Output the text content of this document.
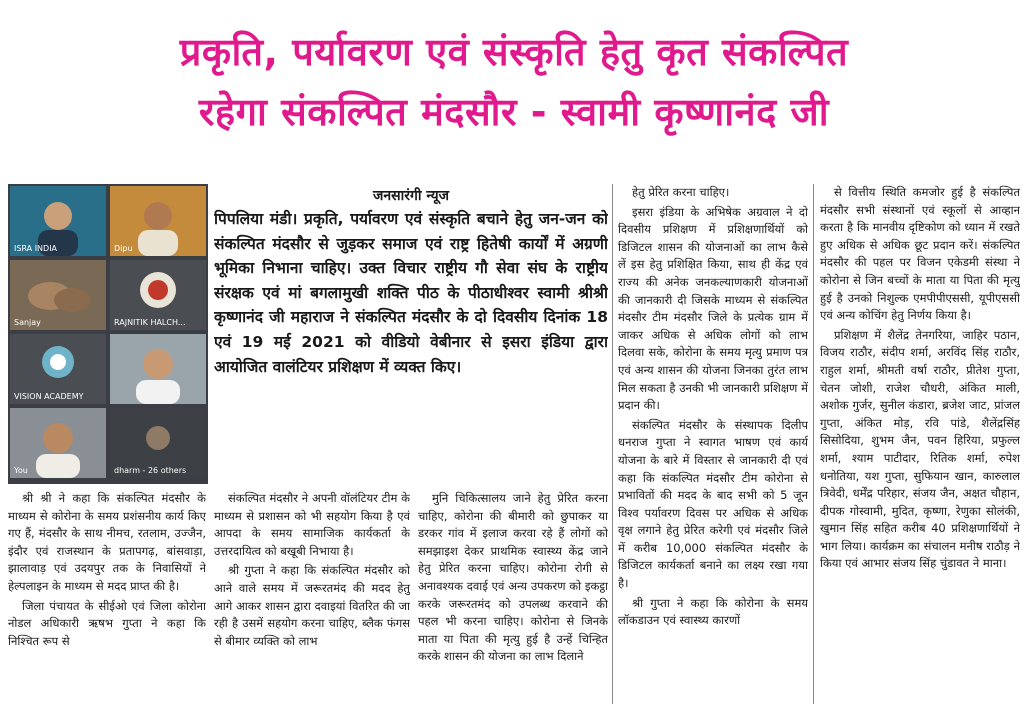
प्रकृति, पर्यावरण एवं संस्कृति हेतु कृत संकल्पित
रहेगा संकल्पित मंदसौर - स्वामी कृष्णानंद जी
ISRA INDIA	Dipu
Sanjay	RAJNITIK HALCH...
VISION ACADEMY
You	dharm - 26 others
जनसारंगी न्यूज
पिपलिया मंडी। प्रकृति, पर्यावरण एवं संस्कृति बचाने हेतु जन-जन को संकल्पित मंदसौर से जुड़कर समाज एवं राष्ट्र हितेषी कार्यों में अग्रणी भूमिका निभाना चाहिए। उक्त विचार राष्ट्रीय गौ सेवा संघ के राष्ट्रीय संरक्षक एवं मां बगलामुखी शक्ति पीठ के पीठाधीश्वर स्वामी श्रीश्री कृष्णानंद जी महाराज ने संकल्पित मंदसौर के दो दिवसीय दिनांक 18 एवं 19 मई 2021 को वीडियो वेबीनार से इसरा इंडिया द्वारा आयोजित वालंटियर प्रशिक्षण में व्यक्त किए।

श्री श्री ने कहा कि संकल्पित मंदसौर के माध्यम से कोरोना के समय प्रशंसनीय कार्य किए गए हैं, मंदसौर के साथ नीमच, रतलाम, उज्जैन, इंदौर एवं राजस्थान के प्रतापगढ़, बांसवाड़ा, झालावाड़ एवं उदयपुर तक के निवासियों ने हेल्पलाइन के माध्यम से मदद प्राप्त की है।

जिला पंचायत के सीईओ एवं जिला कोरोना नोडल अधिकारी ऋषभ गुप्ता ने कहा कि निश्चित रूप से

संकल्पित मंदसौर ने अपनी वॉलंटियर टीम के माध्यम से प्रशासन को भी सहयोग किया है एवं आपदा के समय सामाजिक कार्यकर्ता के उत्तरदायित्व को बखूबी निभाया है।

श्री गुप्ता ने कहा कि संकल्पित मंदसौर को आने वाले समय में जरूरतमंद की मदद हेतु आगे आकर शासन द्वारा दवाइयां वितरित की जा रही है उसमें सहयोग करना चाहिए, ब्लैक फंगस से बीमार व्यक्ति को लाभ

मुनि चिकित्सालय जाने हेतु प्रेरित करना चाहिए, कोरोना की बीमारी को छुपाकर या डरकर गांव में इलाज करवा रहे हैं लोगों को समझाइश देकर प्राथमिक स्वास्थ्य केंद्र जाने हेतु प्रेरित करना चाहिए। कोरोना रोगी से अनावश्यक दवाई एवं अन्य उपकरण को इकट्ठा करके जरूरतमंद को उपलब्ध करवाने की पहल भी करना चाहिए। कोरोना से जिनके माता या पिता की मृत्यु हुई है उन्हें चिन्हित करके शासन की योजना का लाभ दिलाने

हेतु प्रेरित करना चाहिए।

इसरा इंडिया के अभिषेक अग्रवाल ने दो दिवसीय प्रशिक्षण में प्रशिक्षणार्थियों को डिजिटल शासन की योजनाओं का लाभ कैसे लें इस हेतु प्रशिक्षित किया, साथ ही केंद्र एवं राज्य की अनेक जनकल्याणकारी योजनाओं की जानकारी दी जिसके माध्यम से संकल्पित मंदसौर टीम मंदसौर जिले के प्रत्येक ग्राम में जाकर अधिक से अधिक लोगों को लाभ दिलवा सके, कोरोना के समय मृत्यु प्रमाण पत्र एवं अन्य शासन की योजना जिनका तुरंत लाभ मिल सकता है उनकी भी जानकारी प्रशिक्षण में प्रदान की।

संकल्पित मंदसौर के संस्थापक दिलीप धनराज गुप्ता ने स्वागत भाषण एवं कार्य योजना के बारे में विस्तार से जानकारी दी एवं कहा कि संकल्पित मंदसौर टीम कोरोना से प्रभावितों की मदद के बाद सभी को 5 जून विश्व पर्यावरण दिवस पर अधिक से अधिक वृक्ष लगाने हेतु प्रेरित करेगी एवं मंदसौर जिले में करीब 10,000 संकल्पित मंदसौर के डिजिटल कार्यकर्ता बनाने का लक्ष्य रखा गया है।

श्री गुप्ता ने कहा कि कोरोना के समय लॉकडाउन एवं स्वास्थ्य कारणों

से वित्तीय स्थिति कमजोर हुई है संकल्पित मंदसौर सभी संस्थानों एवं स्कूलों से आव्हान करता है कि मानवीय दृष्टिकोण को ध्यान में रखते हुए अधिक से अधिक छूट प्रदान करें। संकल्पित मंदसौर की पहल पर विजन एकेडमी संस्था ने कोरोना से जिन बच्चों के माता या पिता की मृत्यु हुई है उनको निशुल्क एमपीपीएससी, यूपीएससी एवं अन्य कोचिंग हेतु निर्णय किया है।

प्रशिक्षण में शैलेंद्र तेनगरिया, जाहिर पठान, विजय राठौर, संदीप शर्मा, अरविंद सिंह राठौर, राहुल शर्मा, श्रीमती वर्षा राठौर, प्रीतेश गुप्ता, चेतन जोशी, राजेश चौधरी, अंकित माली, अशोक गुर्जर, सुनील कंडारा, ब्रजेश जाट, प्रांजल गुप्ता, अंकित मोड़, रवि पांडे, शैलेंद्रसिंह सिसोदिया, शुभम जैन, पवन हिरिया, प्रफुल्ल शर्मा, श्याम पाटीदार, रितिक शर्मा, रुपेश धनोतिया, यश गुप्ता, सुफियान खान, कारुलाल त्रिवेदी, धर्मेंद्र परिहार, संजय जैन, अक्षत चौहान, दीपक गोस्वामी, मुदित, कृष्णा, रेणुका सोलंकी, खुमान सिंह सहित करीब 40 प्रशिक्षणार्थियों ने भाग लिया। कार्यक्रम का संचालन मनीष राठौड़ ने किया एवं आभार संजय सिंह चुंडावत ने माना।
